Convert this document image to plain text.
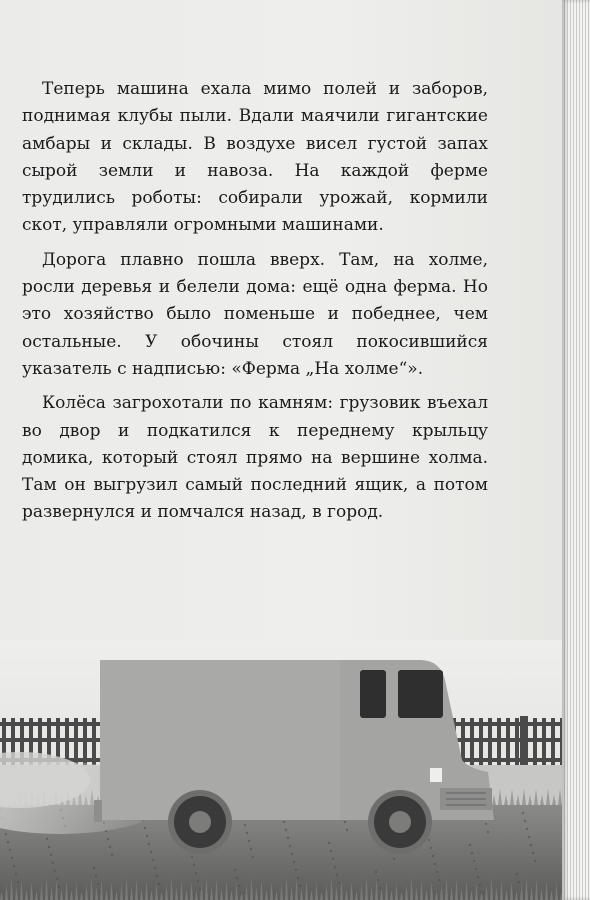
Теперь машина ехала мимо полей и заборов, поднимая клубы пыли. Вдали маячили гигантские амбары и склады. В воздухе висел густой запах сырой земли и навоза. На каждой ферме трудились роботы: собирали урожай, кормили скот, управляли огромными машинами.

Дорога плавно пошла вверх. Там, на холме, росли деревья и белели дома: ещё одна ферма. Но это хозяйство было поменьше и победнее, чем остальные. У обочины стоял покосившийся указатель с надписью: «Ферма „На холме“».

Колёса загрохотали по камням: грузовик въехал во двор и подкатился к переднему крыльцу домика, который стоял прямо на вершине холма. Там он выгрузил самый последний ящик, а потом развернулся и помчался назад, в город.
